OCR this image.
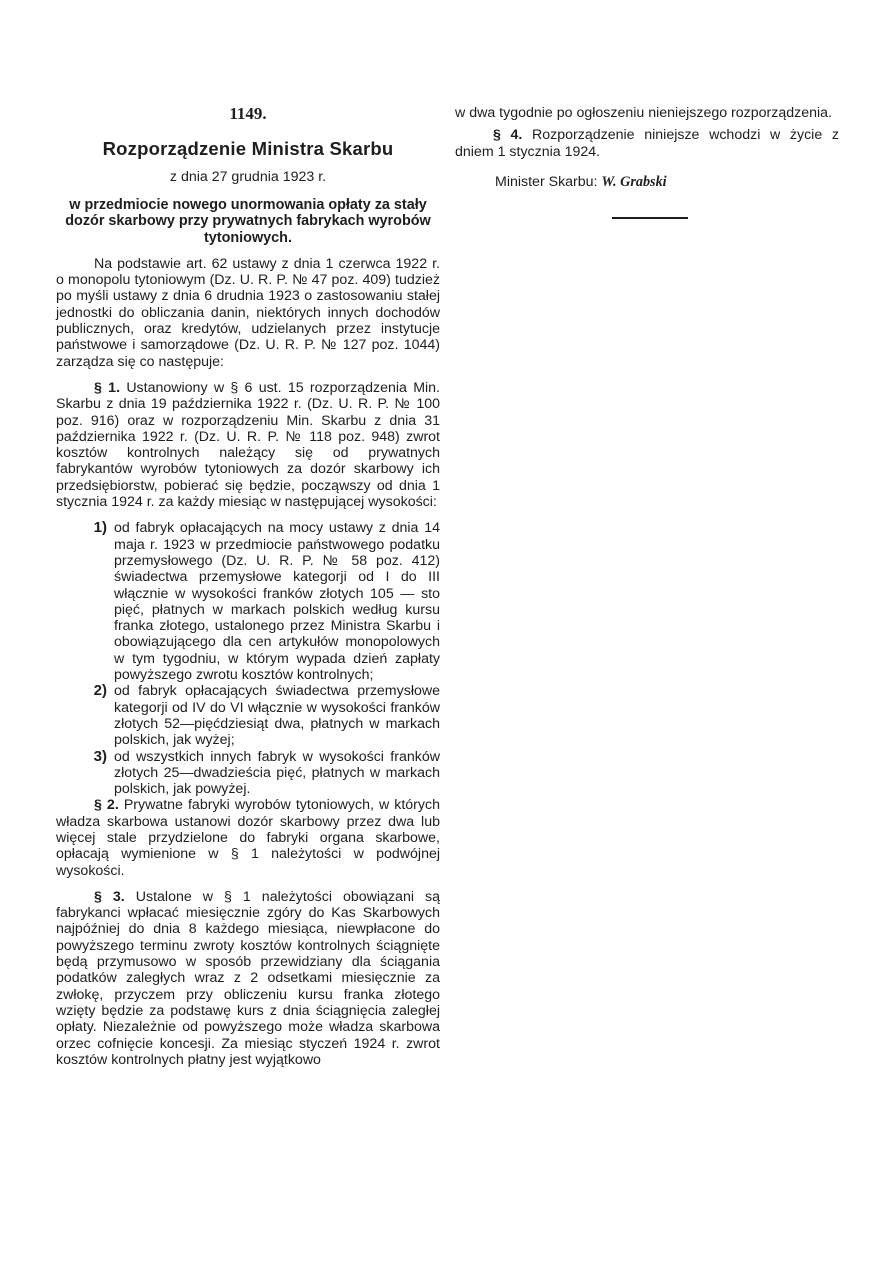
1149.

Rozporządzenie Ministra Skarbu

z dnia 27 grudnia 1923 r.

w przedmiocie nowego unormowania opłaty za stały dozór skarbowy przy prywatnych fabrykach wyrobów tytoniowych.

Na podstawie art. 62 ustawy z dnia 1 czerwca 1922 r. o monopolu tytoniowym (Dz. U. R. P. № 47 poz. 409) tudzież po myśli ustawy z dnia 6 drudnia 1923 o zastosowaniu stałej jednostki do obliczania danin, niektórych innych dochodów publicznych, oraz kredytów, udzielanych przez instytucje państwowe i samorządowe (Dz. U. R. P. № 127 poz. 1044) zarządza się co następuje:

§ 1. Ustanowiony w § 6 ust. 15 rozporządzenia Min. Skarbu z dnia 19 października 1922 r. (Dz. U. R. P. № 100 poz. 916) oraz w rozporządzeniu Min. Skarbu z dnia 31 października 1922 r. (Dz. U. R. P. № 118 poz. 948) zwrot kosztów kontrolnych należący się od prywatnych fabrykantów wyrobów tytoniowych za dozór skarbowy ich przedsiębiorstw, pobierać się będzie, począwszy od dnia 1 stycznia 1924 r. za każdy miesiąc w następującej wysokości:

1) od fabryk opłacających na mocy ustawy z dnia 14 maja r. 1923 w przedmiocie państwowego podatku przemysłowego (Dz. U. R. P. № 58 poz. 412) świadectwa przemysłowe kategorji od I do III włącznie w wysokości franków złotych 105 — sto pięć, płatnych w markach polskich według kursu franka złotego, ustalonego przez Ministra Skarbu i obowiązującego dla cen artykułów monopolowych w tym tygodniu, w którym wypada dzień zapłaty powyższego zwrotu kosztów kontrolnych;
2) od fabryk opłacających świadectwa przemysłowe kategorji od IV do VI włącznie w wysokości franków złotych 52—pięćdziesiąt dwa, płatnych w markach polskich, jak wyżej;
3) od wszystkich innych fabryk w wysokości franków złotych 25—dwadzieścia pięć, płatnych w markach polskich, jak powyżej.

§ 2. Prywatne fabryki wyrobów tytoniowych, w których władza skarbowa ustanowi dozór skarbowy przez dwa lub więcej stale przydzielone do fabryki organa skarbowe, opłacają wymienione w § 1 należytości w podwójnej wysokości.

§ 3. Ustalone w § 1 należytości obowiązani są fabrykanci wpłacać miesięcznie zgóry do Kas Skarbowych najpóźniej do dnia 8 każdego miesiąca, niewpłacone do powyższego terminu zwroty kosztów kontrolnych ściągnięte będą przymusowo w sposób przewidziany dla ściągania podatków zaległych wraz z 2 odsetkami miesięcznie za zwłokę, przyczem przy obliczeniu kursu franka złotego wzięty będzie za podstawę kurs z dnia ściągnięcia zaległej opłaty. Niezależnie od powyższego może władza skarbowa orzec cofnięcie koncesji. Za miesiąc styczeń 1924 r. zwrot kosztów kontrolnych płatny jest wyjątkowo

w dwa tygodnie po ogłoszeniu nieniejszego rozporządzenia.

§ 4. Rozporządzenie niniejsze wchodzi w życie z dniem 1 stycznia 1924.

Minister Skarbu: W. Grabski
